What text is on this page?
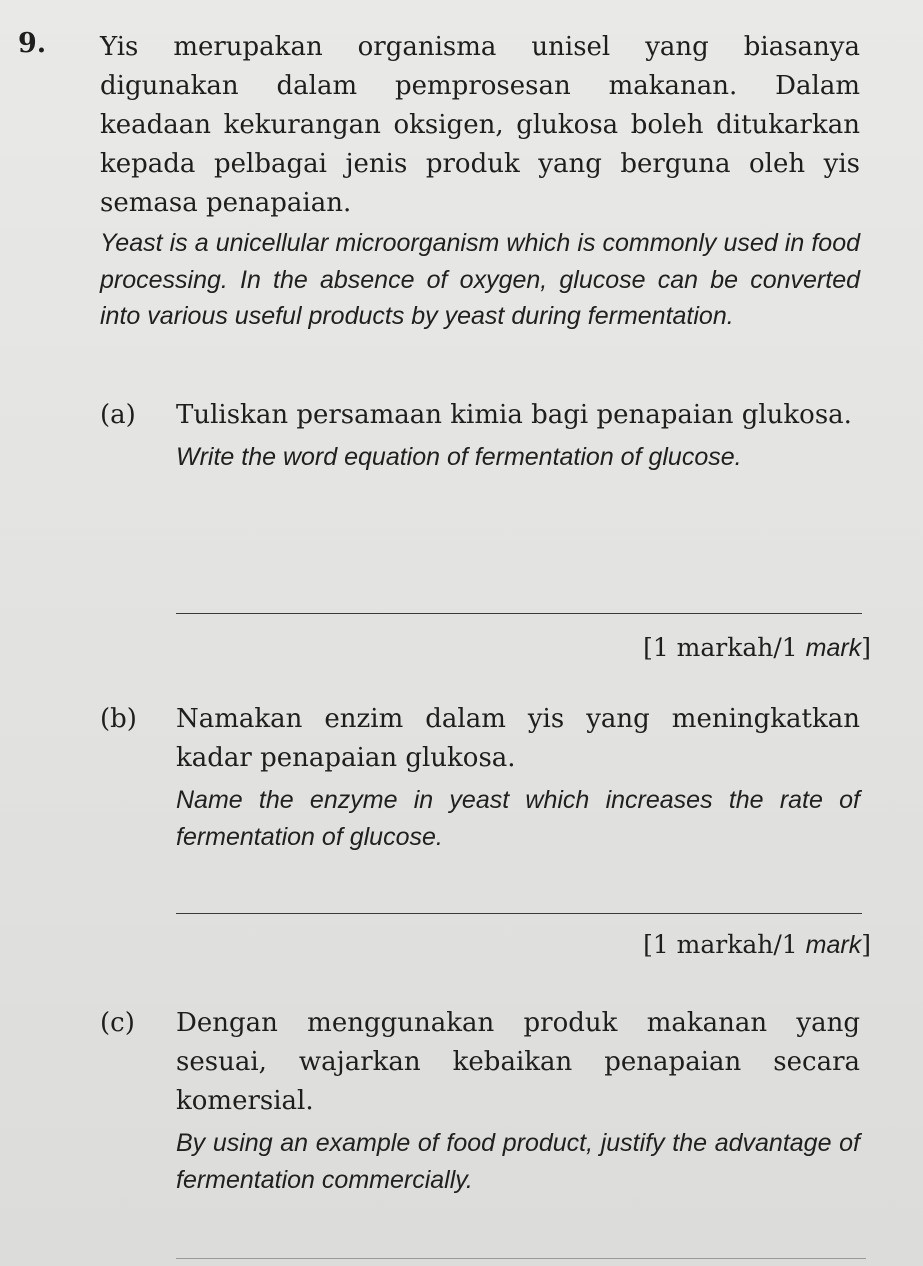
9. Yis merupakan organisma unisel yang biasanya digunakan dalam pemprosesan makanan. Dalam keadaan kekurangan oksigen, glukosa boleh ditukarkan kepada pelbagai jenis produk yang berguna oleh yis semasa penapaian.

Yeast is a unicellular microorganism which is commonly used in food processing. In the absence of oxygen, glucose can be converted into various useful products by yeast during fermentation.

(a) Tuliskan persamaan kimia bagi penapaian glukosa.

Write the word equation of fermentation of glucose.

[1 markah/1 mark]
(b) Namakan enzim dalam yis yang meningkatkan kadar penapaian glukosa.

Name the enzyme in yeast which increases the rate of fermentation of glucose.

[1 markah/1 mark]
(c) Dengan menggunakan produk makanan yang sesuai, wajarkan kebaikan penapaian secara komersial.

By using an example of food product, justify the advantage of fermentation commercially.
